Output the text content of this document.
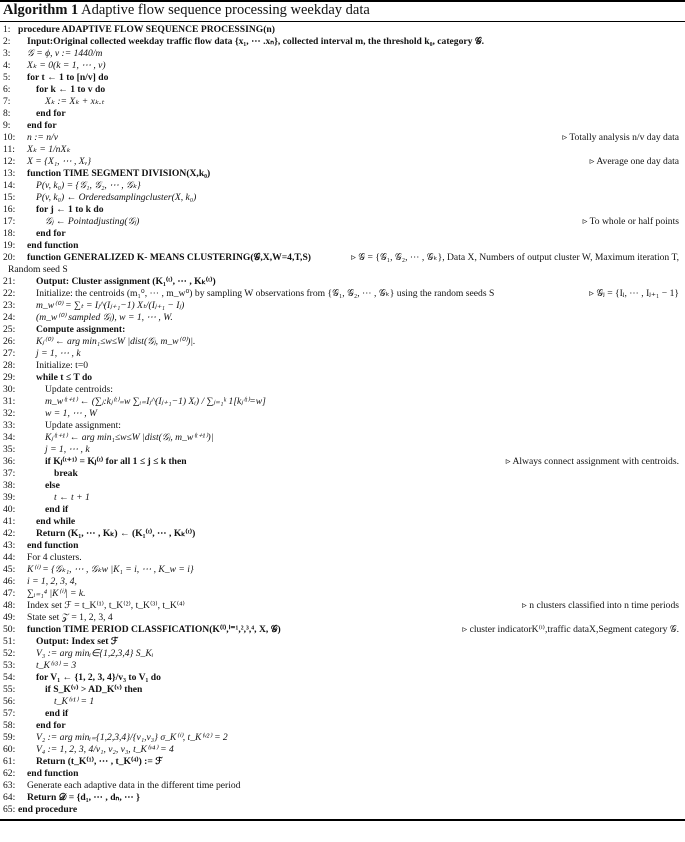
Algorithm 1 Adaptive flow sequence processing weekday data
1: procedure ADAPTIVE FLOW SEQUENCE PROCESSING(n)
2:	Input:Original collected weekday traffic flow data {x₁, ⋯ .xₙ}, collected interval m, the threshold k₀, category 𝒢.
3:	𝒢 = ϕ, v := 1440/m
4:	Xₖ = 0(k = 1, ⋯ , v)
5:	for t ← 1 to [n/v] do
6:	for k ← 1 to v do
7:	Xₖ := Xₖ + xₖ.ₜ
8:	end for
9:	end for
10: n := n/v	▹ Totally analysis n/v day data
11: Xₖ = 1/nXₖ
12: X = {X₁, ⋯ , Xᵥ}	▹ Average one day data
13: function TIME SEGMENT DIVISION(X,k₀)
14: P(v, k₀) = {𝒢₁, 𝒢₂, ⋯ , 𝒢ₖ}
15: P(v, k₀) ← Orderedsamplingcluster(X, k₀)
16: for j ← 1 to k do
17:	𝒢ⱼ ← Pointadjusting(𝒢ⱼ)	▹ To whole or half points
18: end for
19: end function
20: function GENERALIZED K- MEANS CLUSTERING(𝒢,X,W=4,T,S)	▹ 𝒢 = {𝒢₁, 𝒢₂, ⋯ , 𝒢ₖ}, Data X, Numbers of output cluster W, Maximum iteration T,
Random seed S
21: Output: Cluster assignment (K₁⁽ᵗ⁾, ⋯ , Kₖ⁽ᵗ⁾)
22: Initialize: the centroids (m₁⁰, ⋯ , m_w⁰) by sampling W observations from {𝒢₁, 𝒢₂, ⋯ , 𝒢ₖ} using the random seeds S	▹ 𝒢ⱼ = {Iⱼ, ⋯ , Iⱼ₊₁ − 1}
23: m_w⁽⁰⁾ = ∑ₜ = Iⱼ^(Iⱼ₊₁−1) Xₜ/(Iⱼ₊₁ − Iⱼ)
24: (m_w⁽⁰⁾ sampled 𝒢ⱼ), w = 1, ⋯ , W.
25: Compute assignment:
26: Kⱼ⁽⁰⁾ ← arg min₁≤w≤W |dist(𝒢ⱼ, m_w⁽⁰⁾)|.
27: j = 1, ⋯ , k
28: Initialize: t=0
29: while t ≤ T do
30:	Update centroids:
31:	m_w⁽ᵗ⁺¹⁾ ← (∑ⱼ:kⱼ⁽ᵗ⁾₌w ∑ᵢ₌Iⱼ^(Iⱼ₊₁−1) Xᵢ) / ∑ⱼ₌₁ᵏ 1[kⱼ⁽ᵗ⁾=w]
32:	w = 1, ⋯ , W
33:	Update assignment:
34:	Kⱼ⁽ᵗ⁺¹⁾ ← arg min₁≤w≤W |dist(𝒢ⱼ, m_w⁽ᵗ⁺¹⁾)|
35:	j = 1, ⋯ , k
36:	if Kⱼ⁽ᵗ⁺¹⁾ = Kⱼ⁽ᵗ⁾ for all 1 ≤ j ≤ k then	▹ Always connect assignment with centroids.
37:	break
38:	else
39:	t ← t + 1
40:	end if
41: end while
42: Return (K₁, ⋯ , Kₖ) ← (K₁⁽ᵗ⁾, ⋯ , Kₖ⁽ᵗ⁾)
43: end function
44: For 4 clusters.
45: K⁽ⁱ⁾ = {𝒢ₖ₁, ⋯ , 𝒢ₖw |K₁ = i, ⋯ , K_w = i}
46: i = 1, 2, 3, 4,
47: ∑ᵢ₌₁⁴ |K⁽ⁱ⁾| = k.
48: Index set ℱ = t_K⁽¹⁾, t_K⁽²⁾, t_K⁽³⁾, t_K⁽⁴⁾	▹ n clusters classified into n time periods
49: State set 𝒵 = 1, 2, 3, 4
50: function TIME PERIOD CLASSFICATION(K⁽ⁱ⁾,ⁱ⁼¹,²,³,⁴, X, 𝒢)	▹ cluster indicatorK⁽ⁱ⁾,traffic dataX,Segment category 𝒢.
51: Output: Index set ℱ
52: V₃ := arg minᵢ∈{1,2,3,4} S_Kᵢ
53: t_K⁽ᵛ³⁾ = 3
54: for V₁ ← {1, 2, 3, 4}/v₃ to V₁ do
55:	if S_K⁽ᵛ⁾ > AD_K⁽ᵛ⁾ then
56:	t_K⁽ᵛ¹⁾ = 1
57:	end if
58: end for
59: V₂ := arg minᵢ₌{1,2,3,4}/{v₁,v₃} σ_K⁽ⁱ⁾, t_K⁽ᵛ²⁾ = 2
60: V₄ := 1, 2, 3, 4/v₁, v₂, v₃, t_K⁽ᵛ⁴⁾ = 4
61: Return (t_K⁽¹⁾, ⋯ , t_K⁽⁴⁾) := ℱ
62: end function
63: Generate each adaptive data in the different time period
64: Return 𝒟 = {d₁, ⋯ , dₙ, ⋯ }
65: end procedure
